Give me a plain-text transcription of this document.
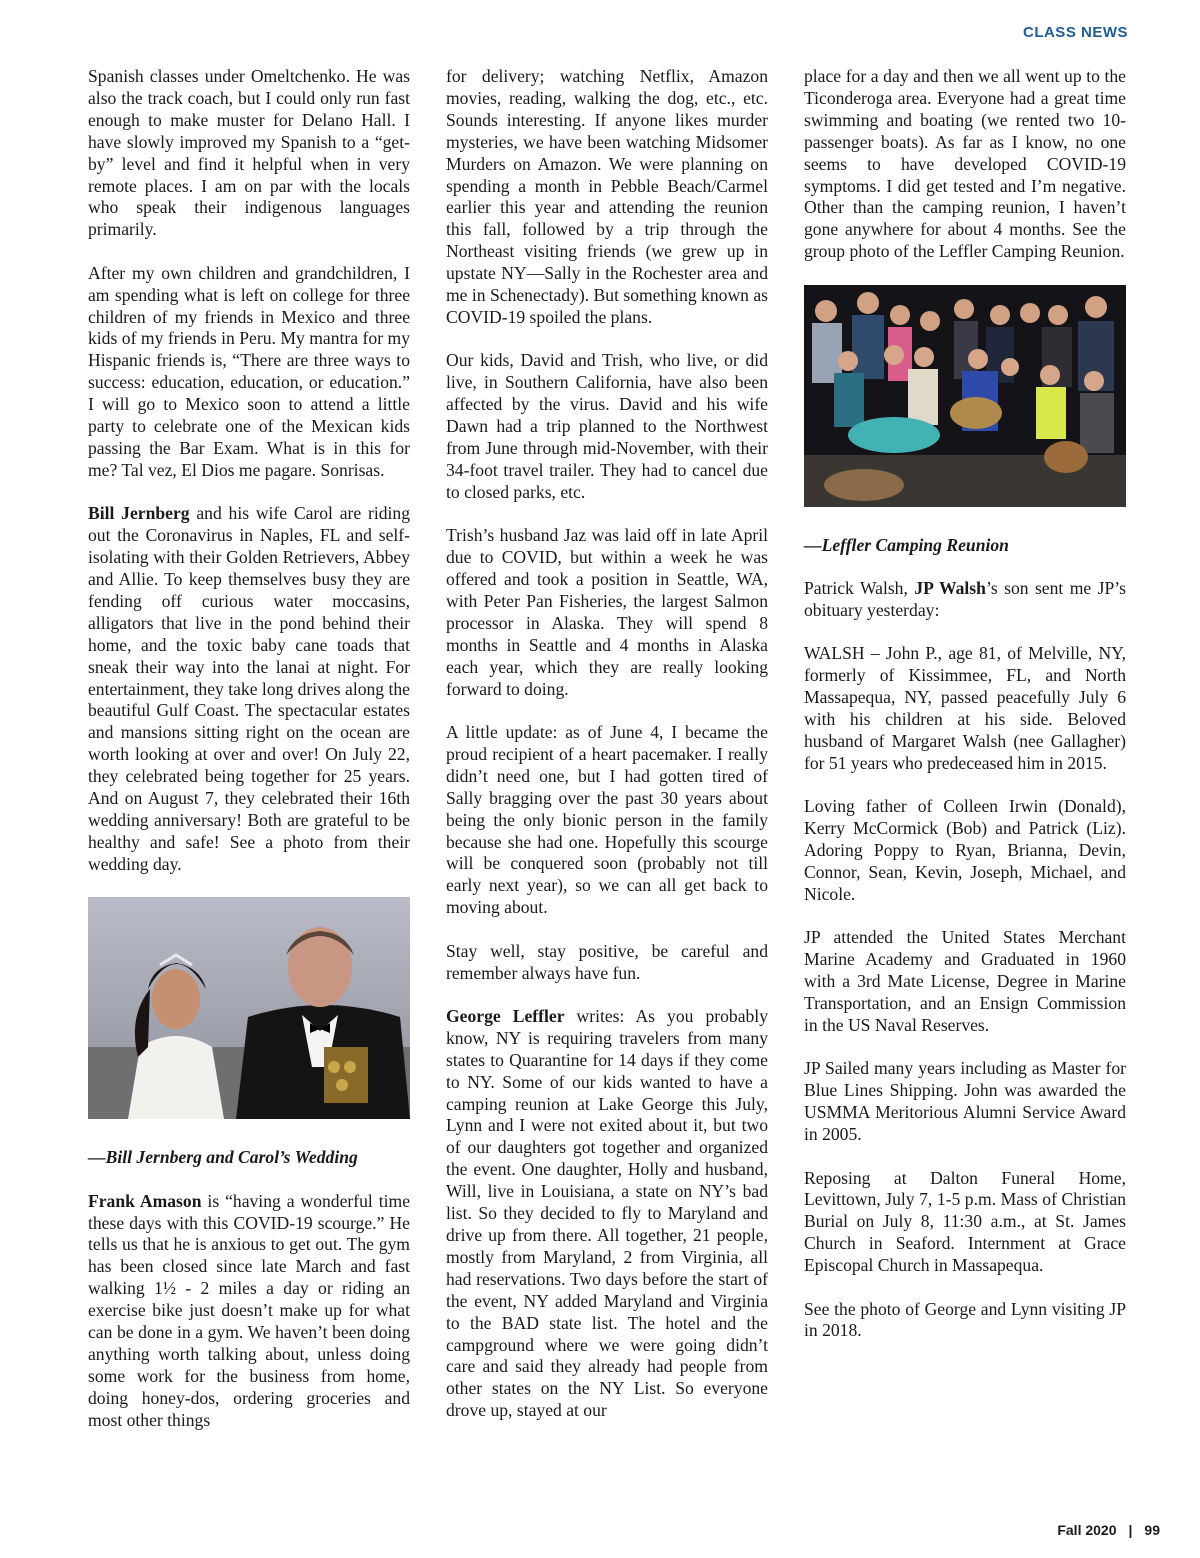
CLASS NEWS

Spanish classes under Omeltchenko. He was also the track coach, but I could only run fast enough to make muster for Delano Hall. I have slowly improved my Spanish to a “get-by” level and find it helpful when in very remote places. I am on par with the locals who speak their indigenous languages primarily.

After my own children and grandchildren, I am spending what is left on college for three children of my friends in Mexico and three kids of my friends in Peru. My mantra for my Hispanic friends is, “There are three ways to success: education, education, or education.” I will go to Mexico soon to attend a little party to celebrate one of the Mexican kids passing the Bar Exam. What is in this for me? Tal vez, El Dios me pagare. Sonrisas.

Bill Jernberg and his wife Carol are riding out the Coronavirus in Naples, FL and self-isolating with their Golden Retrievers, Abbey and Allie. To keep themselves busy they are fending off curious water moccasins, alligators that live in the pond behind their home, and the toxic baby cane toads that sneak their way into the lanai at night. For entertainment, they take long drives along the beautiful Gulf Coast. The spectacular estates and mansions sitting right on the ocean are worth looking at over and over! On July 22, they celebrated being together for 25 years. And on August 7, they celebrated their 16th wedding anniversary! Both are grateful to be healthy and safe! See a photo from their wedding day.

—Bill Jernberg and Carol’s Wedding

Frank Amason is “having a wonderful time these days with this COVID-19 scourge.” He tells us that he is anxious to get out. The gym has been closed since late March and fast walking 1½ - 2 miles a day or riding an exercise bike just doesn’t make up for what can be done in a gym. We haven’t been doing anything worth talking about, unless doing some work for the business from home, doing honey-dos, ordering groceries and most other things

for delivery; watching Netflix, Amazon movies, reading, walking the dog, etc., etc. Sounds interesting. If anyone likes murder mysteries, we have been watching Midsomer Murders on Amazon. We were planning on spending a month in Pebble Beach/Carmel earlier this year and attending the reunion this fall, followed by a trip through the Northeast visiting friends (we grew up in upstate NY—Sally in the Rochester area and me in Schenectady). But something known as COVID-19 spoiled the plans.

Our kids, David and Trish, who live, or did live, in Southern California, have also been affected by the virus. David and his wife Dawn had a trip planned to the Northwest from June through mid-November, with their 34-foot travel trailer. They had to cancel due to closed parks, etc.

Trish’s husband Jaz was laid off in late April due to COVID, but within a week he was offered and took a position in Seattle, WA, with Peter Pan Fisheries, the largest Salmon processor in Alaska. They will spend 8 months in Seattle and 4 months in Alaska each year, which they are really looking forward to doing.

A little update: as of June 4, I became the proud recipient of a heart pacemaker. I really didn’t need one, but I had gotten tired of Sally bragging over the past 30 years about being the only bionic person in the family because she had one. Hopefully this scourge will be conquered soon (probably not till early next year), so we can all get back to moving about.

Stay well, stay positive, be careful and remember always have fun.

George Leffler writes: As you probably know, NY is requiring travelers from many states to Quarantine for 14 days if they come to NY. Some of our kids wanted to have a camping reunion at Lake George this July, Lynn and I were not exited about it, but two of our daughters got together and organized the event. One daughter, Holly and husband, Will, live in Louisiana, a state on NY’s bad list. So they decided to fly to Maryland and drive up from there. All together, 21 people, mostly from Maryland, 2 from Virginia, all had reservations. Two days before the start of the event, NY added Maryland and Virginia to the BAD state list. The hotel and the campground where we were going didn’t care and said they already had people from other states on the NY List. So everyone drove up, stayed at our

place for a day and then we all went up to the Ticonderoga area. Everyone had a great time swimming and boating (we rented two 10-passenger boats). As far as I know, no one seems to have developed COVID-19 symptoms. I did get tested and I’m negative. Other than the camping reunion, I haven’t gone anywhere for about 4 months. See the group photo of the Leffler Camping Reunion.

—Leffler Camping Reunion

Patrick Walsh, JP Walsh’s son sent me JP’s obituary yesterday:

WALSH – John P., age 81, of Melville, NY, formerly of Kissimmee, FL, and North Massapequa, NY, passed peacefully July 6 with his children at his side. Beloved husband of Margaret Walsh (nee Gallagher) for 51 years who predeceased him in 2015.

Loving father of Colleen Irwin (Donald), Kerry McCormick (Bob) and Patrick (Liz). Adoring Poppy to Ryan, Brianna, Devin, Connor, Sean, Kevin, Joseph, Michael, and Nicole.

JP attended the United States Merchant Marine Academy and Graduated in 1960 with a 3rd Mate License, Degree in Marine Transportation, and an Ensign Commission in the US Naval Reserves.

JP Sailed many years including as Master for Blue Lines Shipping. John was awarded the USMMA Meritorious Alumni Service Award in 2005.

Reposing at Dalton Funeral Home, Levittown, July 7, 1-5 p.m. Mass of Christian Burial on July 8, 11:30 a.m., at St. James Church in Seaford. Internment at Grace Episcopal Church in Massapequa.

See the photo of George and Lynn visiting JP in 2018.

Fall 2020 | 99
